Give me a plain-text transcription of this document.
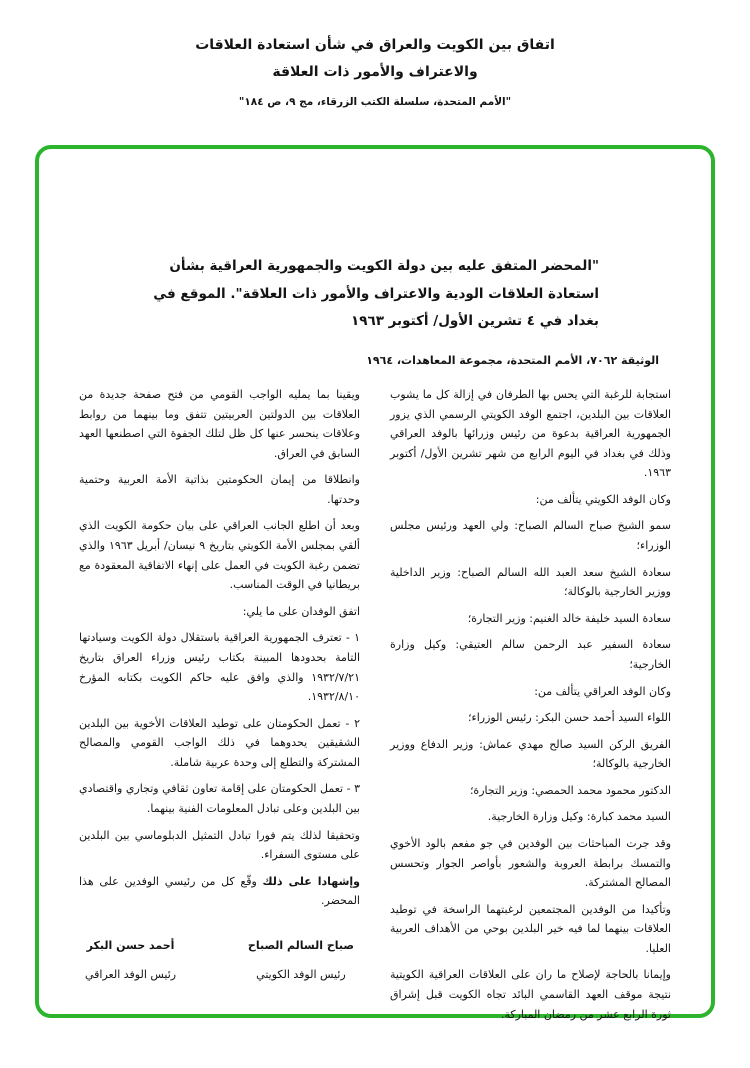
اتفاق بين الكويت والعراق في شأن استعادة العلاقات
والاعتراف والأمور ذات العلاقة
"الأمم المتحدة، سلسلة الكتب الزرقاء، مج ٩، ص ١٨٤"
"المحضر المتفق عليه بين دولة الكويت والجمهورية العراقية بشأن
استعادة العلاقات الودية والاعتراف والأمور ذات العلاقة". الموقع في
بغداد في ٤ تشرين الأول/ أكتوبر ١٩٦٣
الوثيقة ٧٠٦٢، الأمم المتحدة، مجموعة المعاهدات، ١٩٦٤

استجابة للرغبة التي يحس بها الطرفان في إزالة كل ما يشوب العلاقات بين البلدين، اجتمع الوفد الكويتي الرسمي الذي يزور الجمهورية العراقية بدعوة من رئيس وزرائها بالوفد العراقي وذلك في بغداد في اليوم الرابع من شهر تشرين الأول/ أكتوبر ١٩٦٣.

وكان الوفد الكويتي يتألف من:

سمو الشيخ صباح السالم الصباح: ولي العهد ورئيس مجلس الوزراء؛

سعادة الشيخ سعد العبد الله السالم الصباح: وزير الداخلية ووزير الخارجية بالوكالة؛

سعادة السيد خليفة خالد الغنيم: وزير التجارة؛

سعادة السفير عبد الرحمن سالم العتيقي: وكيل وزارة الخارجية؛

وكان الوفد العراقي يتألف من:

اللواء السيد أحمد حسن البكر: رئيس الوزراء؛

الفريق الركن السيد صالح مهدي عماش: وزير الدفاع ووزير الخارجية بالوكالة؛

الدكتور محمود محمد الحمصي: وزير التجارة؛

السيد محمد كبارة: وكيل وزارة الخارجية.

وقد جرت المباحثات بين الوفدين في جو مفعم بالود الأخوي والتمسك برابطة العروبة والشعور بأواصر الجوار وتحسس المصالح المشتركة.

وتأكيدا من الوفدين المجتمعين لرغبتهما الراسخة في توطيد العلاقات بينهما لما فيه خير البلدين بوحي من الأهداف العربية العليا.

وإيمانا بالحاجة لإصلاح ما ران على العلاقات العراقية الكويتية نتيجة موقف العهد القاسمي البائد تجاه الكويت قبل إشراق ثورة الرابع عشر من رمضان المباركة.

ويقينا بما يمليه الواجب القومي من فتح صفحة جديدة من العلاقات بين الدولتين العربيتين تتفق وما بينهما من روابط وعلاقات ينحسر عنها كل ظل لتلك الجفوة التي اصطنعها العهد السابق في العراق.

وانطلاقا من إيمان الحكومتين بذاتية الأمة العربية وحتمية وحدتها.

وبعد أن اطلع الجانب العراقي على بيان حكومة الكويت الذي ألقي بمجلس الأمة الكويتي بتاريخ ٩ نيسان/ أبريل ١٩٦٣ والذي تضمن رغبة الكويت في العمل على إنهاء الاتفاقية المعقودة مع بريطانيا في الوقت المناسب.

اتفق الوفدان على ما يلي:

١ - تعترف الجمهورية العراقية باستقلال دولة الكويت وسيادتها التامة بحدودها المبينة بكتاب رئيس وزراء العراق بتاريخ ١٩٣٢/٧/٢١ والذي وافق عليه حاكم الكويت بكتابه المؤرخ ١٩٣٢/٨/١٠.

٢ - تعمل الحكومتان على توطيد العلاقات الأخوية بين البلدين الشقيقين يحدوهما في ذلك الواجب القومي والمصالح المشتركة والتطلع إلى وحدة عربية شاملة.

٣ - تعمل الحكومتان على إقامة تعاون ثقافي وتجاري واقتصادي بين البلدين وعلى تبادل المعلومات الفنية بينهما.

وتحقيقا لذلك يتم فورا تبادل التمثيل الدبلوماسي بين البلدين على مستوى السفراء.

وإشهادا على ذلك وقّع كل من رئيسي الوفدين على هذا المحضر.

صباح السالم الصباح
رئيس الوفد الكويتي
أحمد حسن البكر
رئيس الوفد العراقي
